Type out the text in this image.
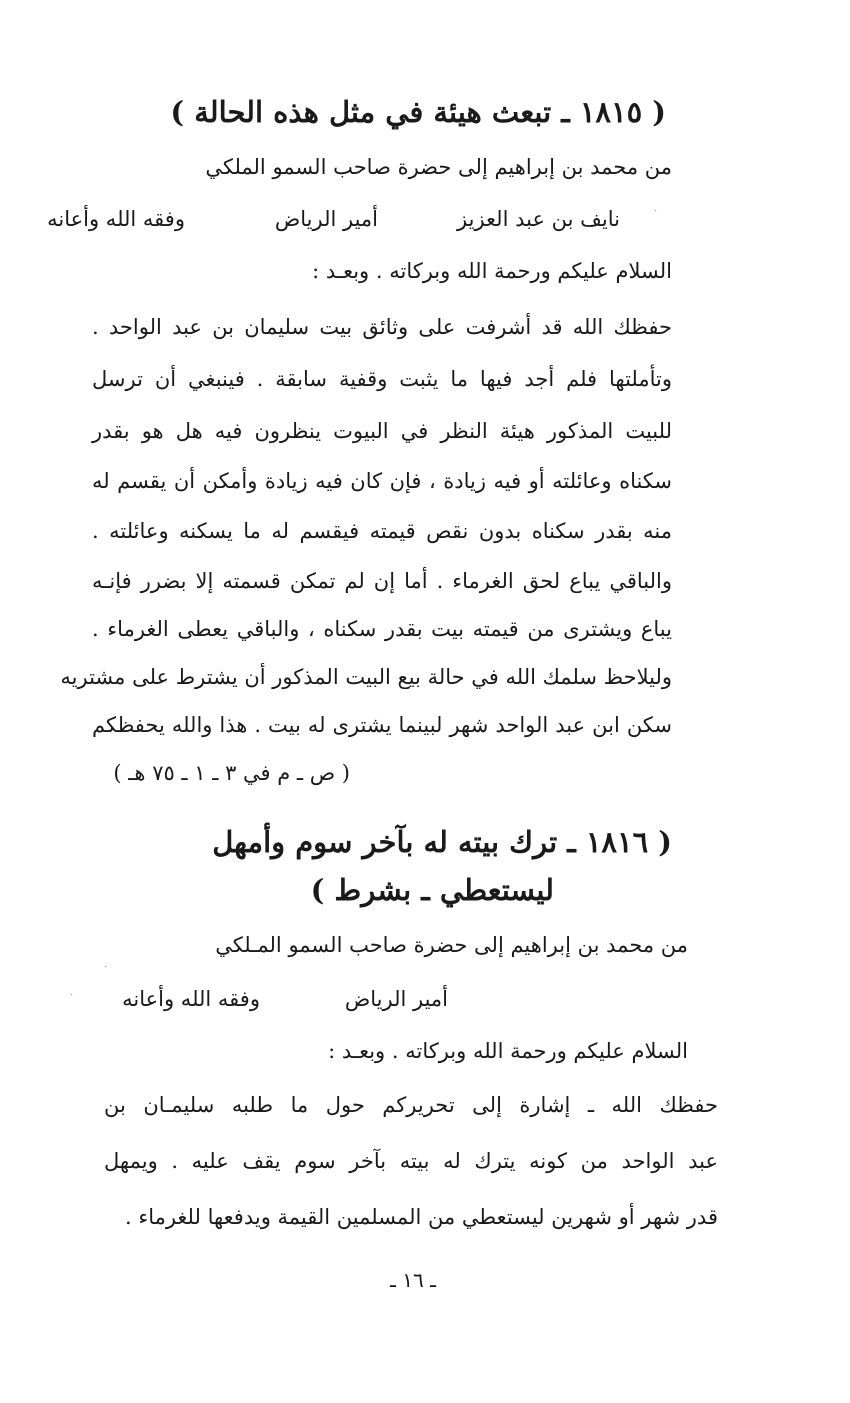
( ١٨١٥ ـ تبعث هيئة في مثل هذه الحالة )
من محمد بن إبراهيم إلى حضرة صاحب السمو الملكي
نايف بن عبد العزيز
أمير الرياض
وفقه الله وأعانه
السلام عليكم ورحمة الله وبركاته . وبعـد :
حفظك الله قد أشرفت على وثائق بيت سليمان بن عبد الواحد .
وتأملتها فلم أجد فيها ما يثبت وقفية سابقة . فينبغي أن ترسل
للبيت المذكور هيئة النظر في البيوت ينظرون فيه هل هو بقدر
سكناه وعائلته أو فيه زيادة ، فإن كان فيه زيادة وأمكن أن يقسم له
منه بقدر سكناه بدون نقص قيمته فيقسم له ما يسكنه وعائلته .
والباقي يباع لحق الغرماء . أما إن لم تمكن قسمته إلا بضرر فإنـه
يباع ويشترى من قيمته بيت بقدر سكناه ، والباقي يعطى الغرماء .
وليلاحظ سلمك الله في حالة بيع البيت المذكور أن يشترط على مشتريه
سكن ابن عبد الواحد شهر لبينما يشترى له بيت . هذا والله يحفظكم
( ص ـ م في ٣ ـ ١ ـ ٧٥ هـ )
( ١٨١٦ ـ ترك بيته له بآخر سوم وأمهل
ليستعطي ـ بشرط )
من محمد بن إبراهيم إلى حضرة صاحب السمو المـلكي
أمير الرياض
وفقه الله وأعانه
السلام عليكم ورحمة الله وبركاته . وبعـد :
حفظك الله ـ إشارة إلى تحريركم حول ما طلبه سليمـان بن
عبد الواحد من كونه يترك له بيته بآخر سوم يقف عليه . ويمهل
قدر شهر أو شهرين ليستعطي من المسلمين القيمة ويدفعها للغرماء .
ـ ١٦ ـ
·
·
·
